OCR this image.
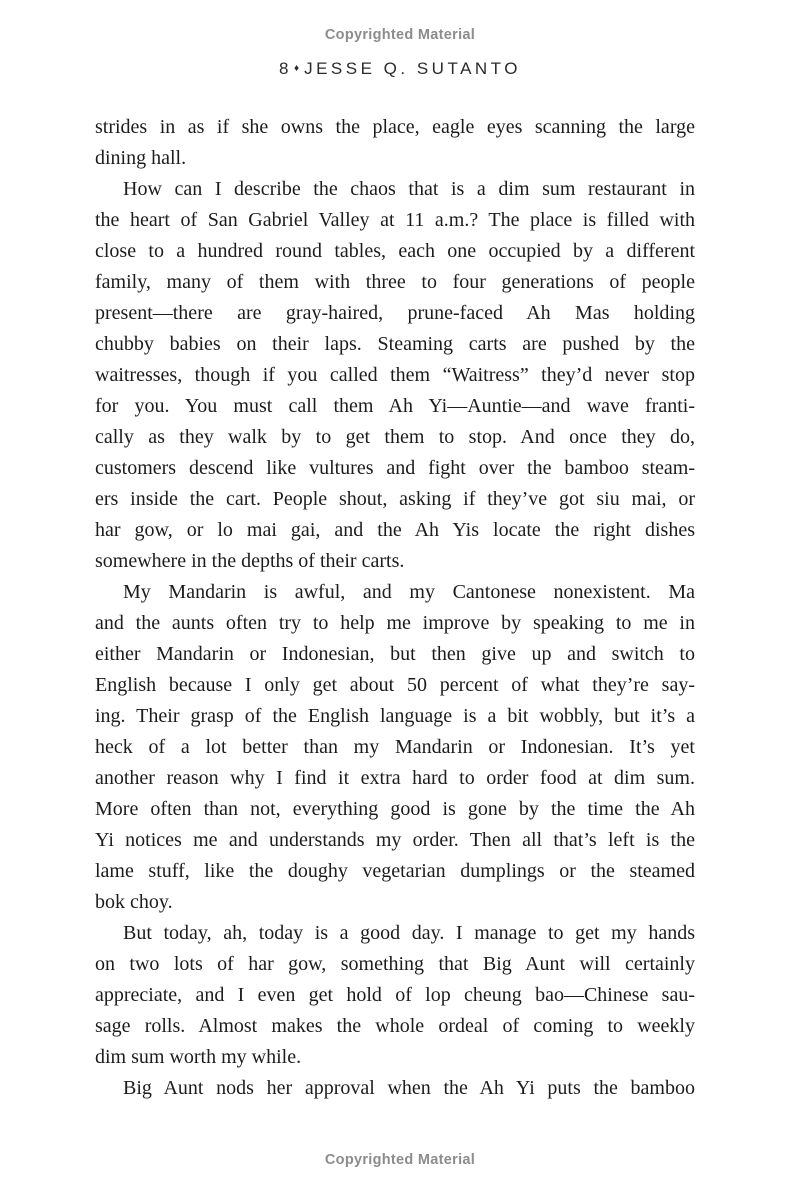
Copyrighted Material
8 ♦ JESSE Q. SUTANTO
strides in as if she owns the place, eagle eyes scanning the large
dining hall.
How can I describe the chaos that is a dim sum restaurant in
the heart of San Gabriel Valley at 11 a.m.? The place is filled with
close to a hundred round tables, each one occupied by a different
family, many of them with three to four generations of people
present—there are gray-haired, prune-faced Ah Mas holding
chubby babies on their laps. Steaming carts are pushed by the
waitresses, though if you called them “Waitress” they’d never stop
for you. You must call them Ah Yi—Auntie—and wave franti-
cally as they walk by to get them to stop. And once they do,
customers descend like vultures and fight over the bamboo steam-
ers inside the cart. People shout, asking if they’ve got siu mai, or
har gow, or lo mai gai, and the Ah Yis locate the right dishes
somewhere in the depths of their carts.
My Mandarin is awful, and my Cantonese nonexistent. Ma
and the aunts often try to help me improve by speaking to me in
either Mandarin or Indonesian, but then give up and switch to
English because I only get about 50 percent of what they’re say-
ing. Their grasp of the English language is a bit wobbly, but it’s a
heck of a lot better than my Mandarin or Indonesian. It’s yet
another reason why I find it extra hard to order food at dim sum.
More often than not, everything good is gone by the time the Ah
Yi notices me and understands my order. Then all that’s left is the
lame stuff, like the doughy vegetarian dumplings or the steamed
bok choy.
But today, ah, today is a good day. I manage to get my hands
on two lots of har gow, something that Big Aunt will certainly
appreciate, and I even get hold of lop cheung bao—Chinese sau-
sage rolls. Almost makes the whole ordeal of coming to weekly
dim sum worth my while.
Big Aunt nods her approval when the Ah Yi puts the bamboo
Copyrighted Material
